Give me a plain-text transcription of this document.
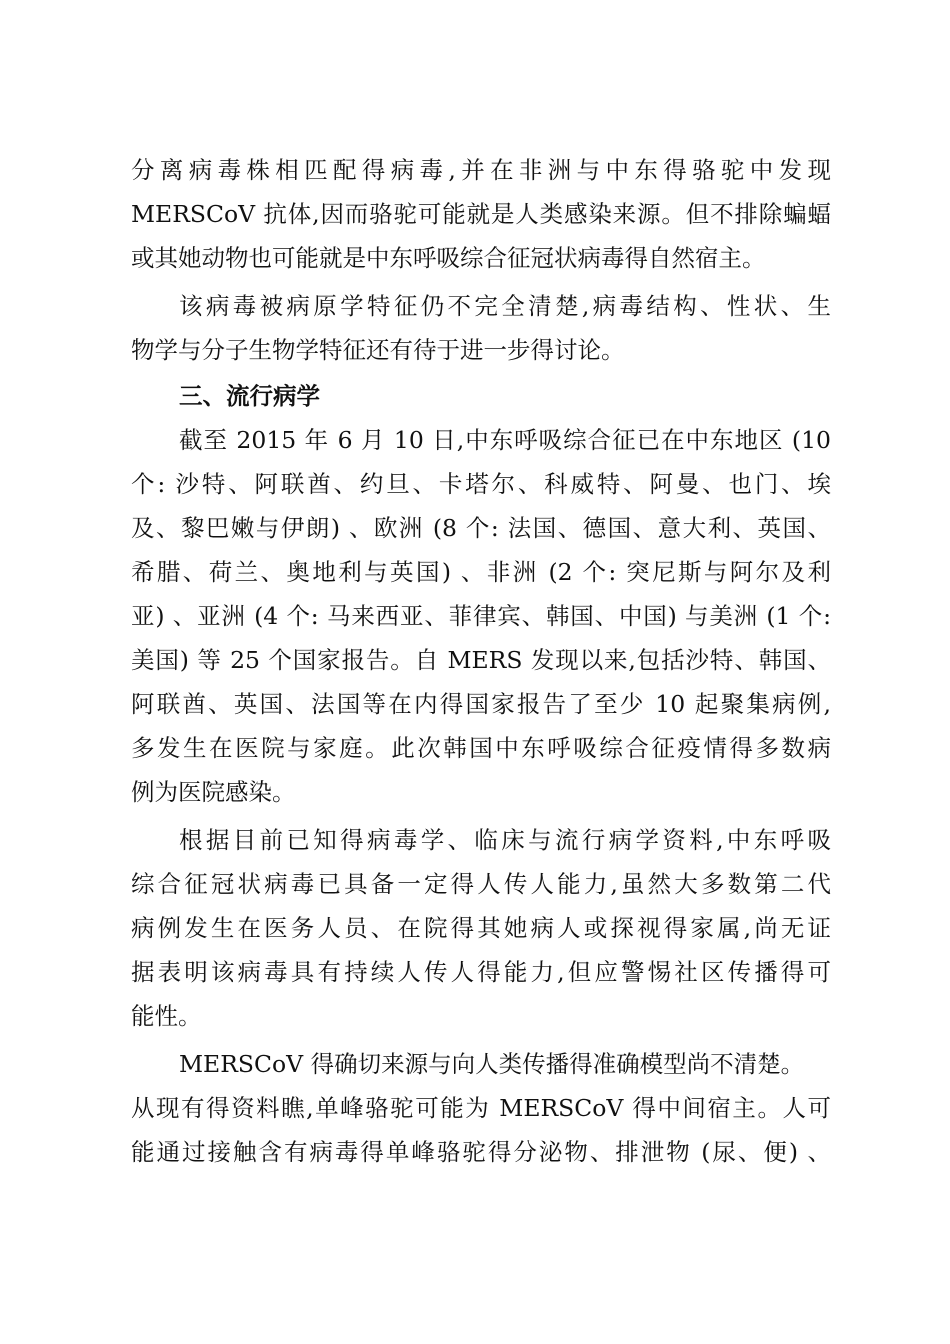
分离病毒株相匹配得病毒,并在非洲与中东得骆驼中发现
MERSCoV 抗体,因而骆驼可能就是人类感染来源。但不排除蝙蝠
或其她动物也可能就是中东呼吸综合征冠状病毒得自然宿主。
该病毒被病原学特征仍不完全清楚,病毒结构、性状、生
物学与分子生物学特征还有待于进一步得讨论。
三、流行病学
截至 2015 年 6 月 10 日,中东呼吸综合征已在中东地区 (10
个: 沙特、阿联酋、约旦、卡塔尔、科威特、阿曼、也门、埃
及、黎巴嫩与伊朗) 、欧洲 (8 个: 法国、德国、意大利、英国、
希腊、荷兰、奥地利与英国) 、非洲 (2 个: 突尼斯与阿尔及利
亚) 、亚洲 (4 个: 马来西亚、菲律宾、韩国、中国) 与美洲 (1 个:
美国) 等 25 个国家报告。自 MERS 发现以来,包括沙特、韩国、
阿联酋、英国、法国等在内得国家报告了至少 10 起聚集病例,
多发生在医院与家庭。此次韩国中东呼吸综合征疫情得多数病
例为医院感染。
根据目前已知得病毒学、临床与流行病学资料,中东呼吸
综合征冠状病毒已具备一定得人传人能力,虽然大多数第二代
病例发生在医务人员、在院得其她病人或探视得家属,尚无证
据表明该病毒具有持续人传人得能力,但应警惕社区传播得可
能性。
MERSCoV 得确切来源与向人类传播得准确模型尚不清楚。
从现有得资料瞧,单峰骆驼可能为 MERSCoV 得中间宿主。人可
能通过接触含有病毒得单峰骆驼得分泌物、排泄物 (尿、便) 、
